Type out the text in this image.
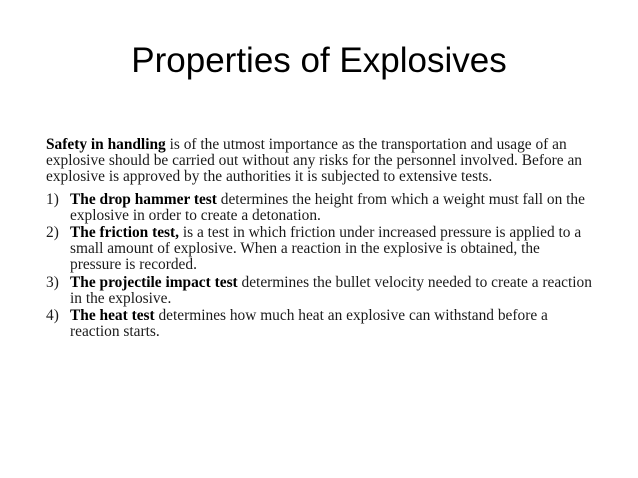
Properties of Explosives

Safety in handling is of the utmost importance as the transportation and usage of an explosive should be carried out without any risks for the personnel involved. Before an explosive is approved by the authorities it is subjected to extensive tests.

1) The drop hammer test determines the height from which a weight must fall on the explosive in order to create a detonation.
2) The friction test, is a test in which friction under increased pressure is applied to a small amount of explosive. When a reaction in the explosive is obtained, the pressure is recorded.
3) The projectile impact test determines the bullet velocity needed to create a reaction in the explosive.
4) The heat test determines how much heat an explosive can withstand before a reaction starts.
